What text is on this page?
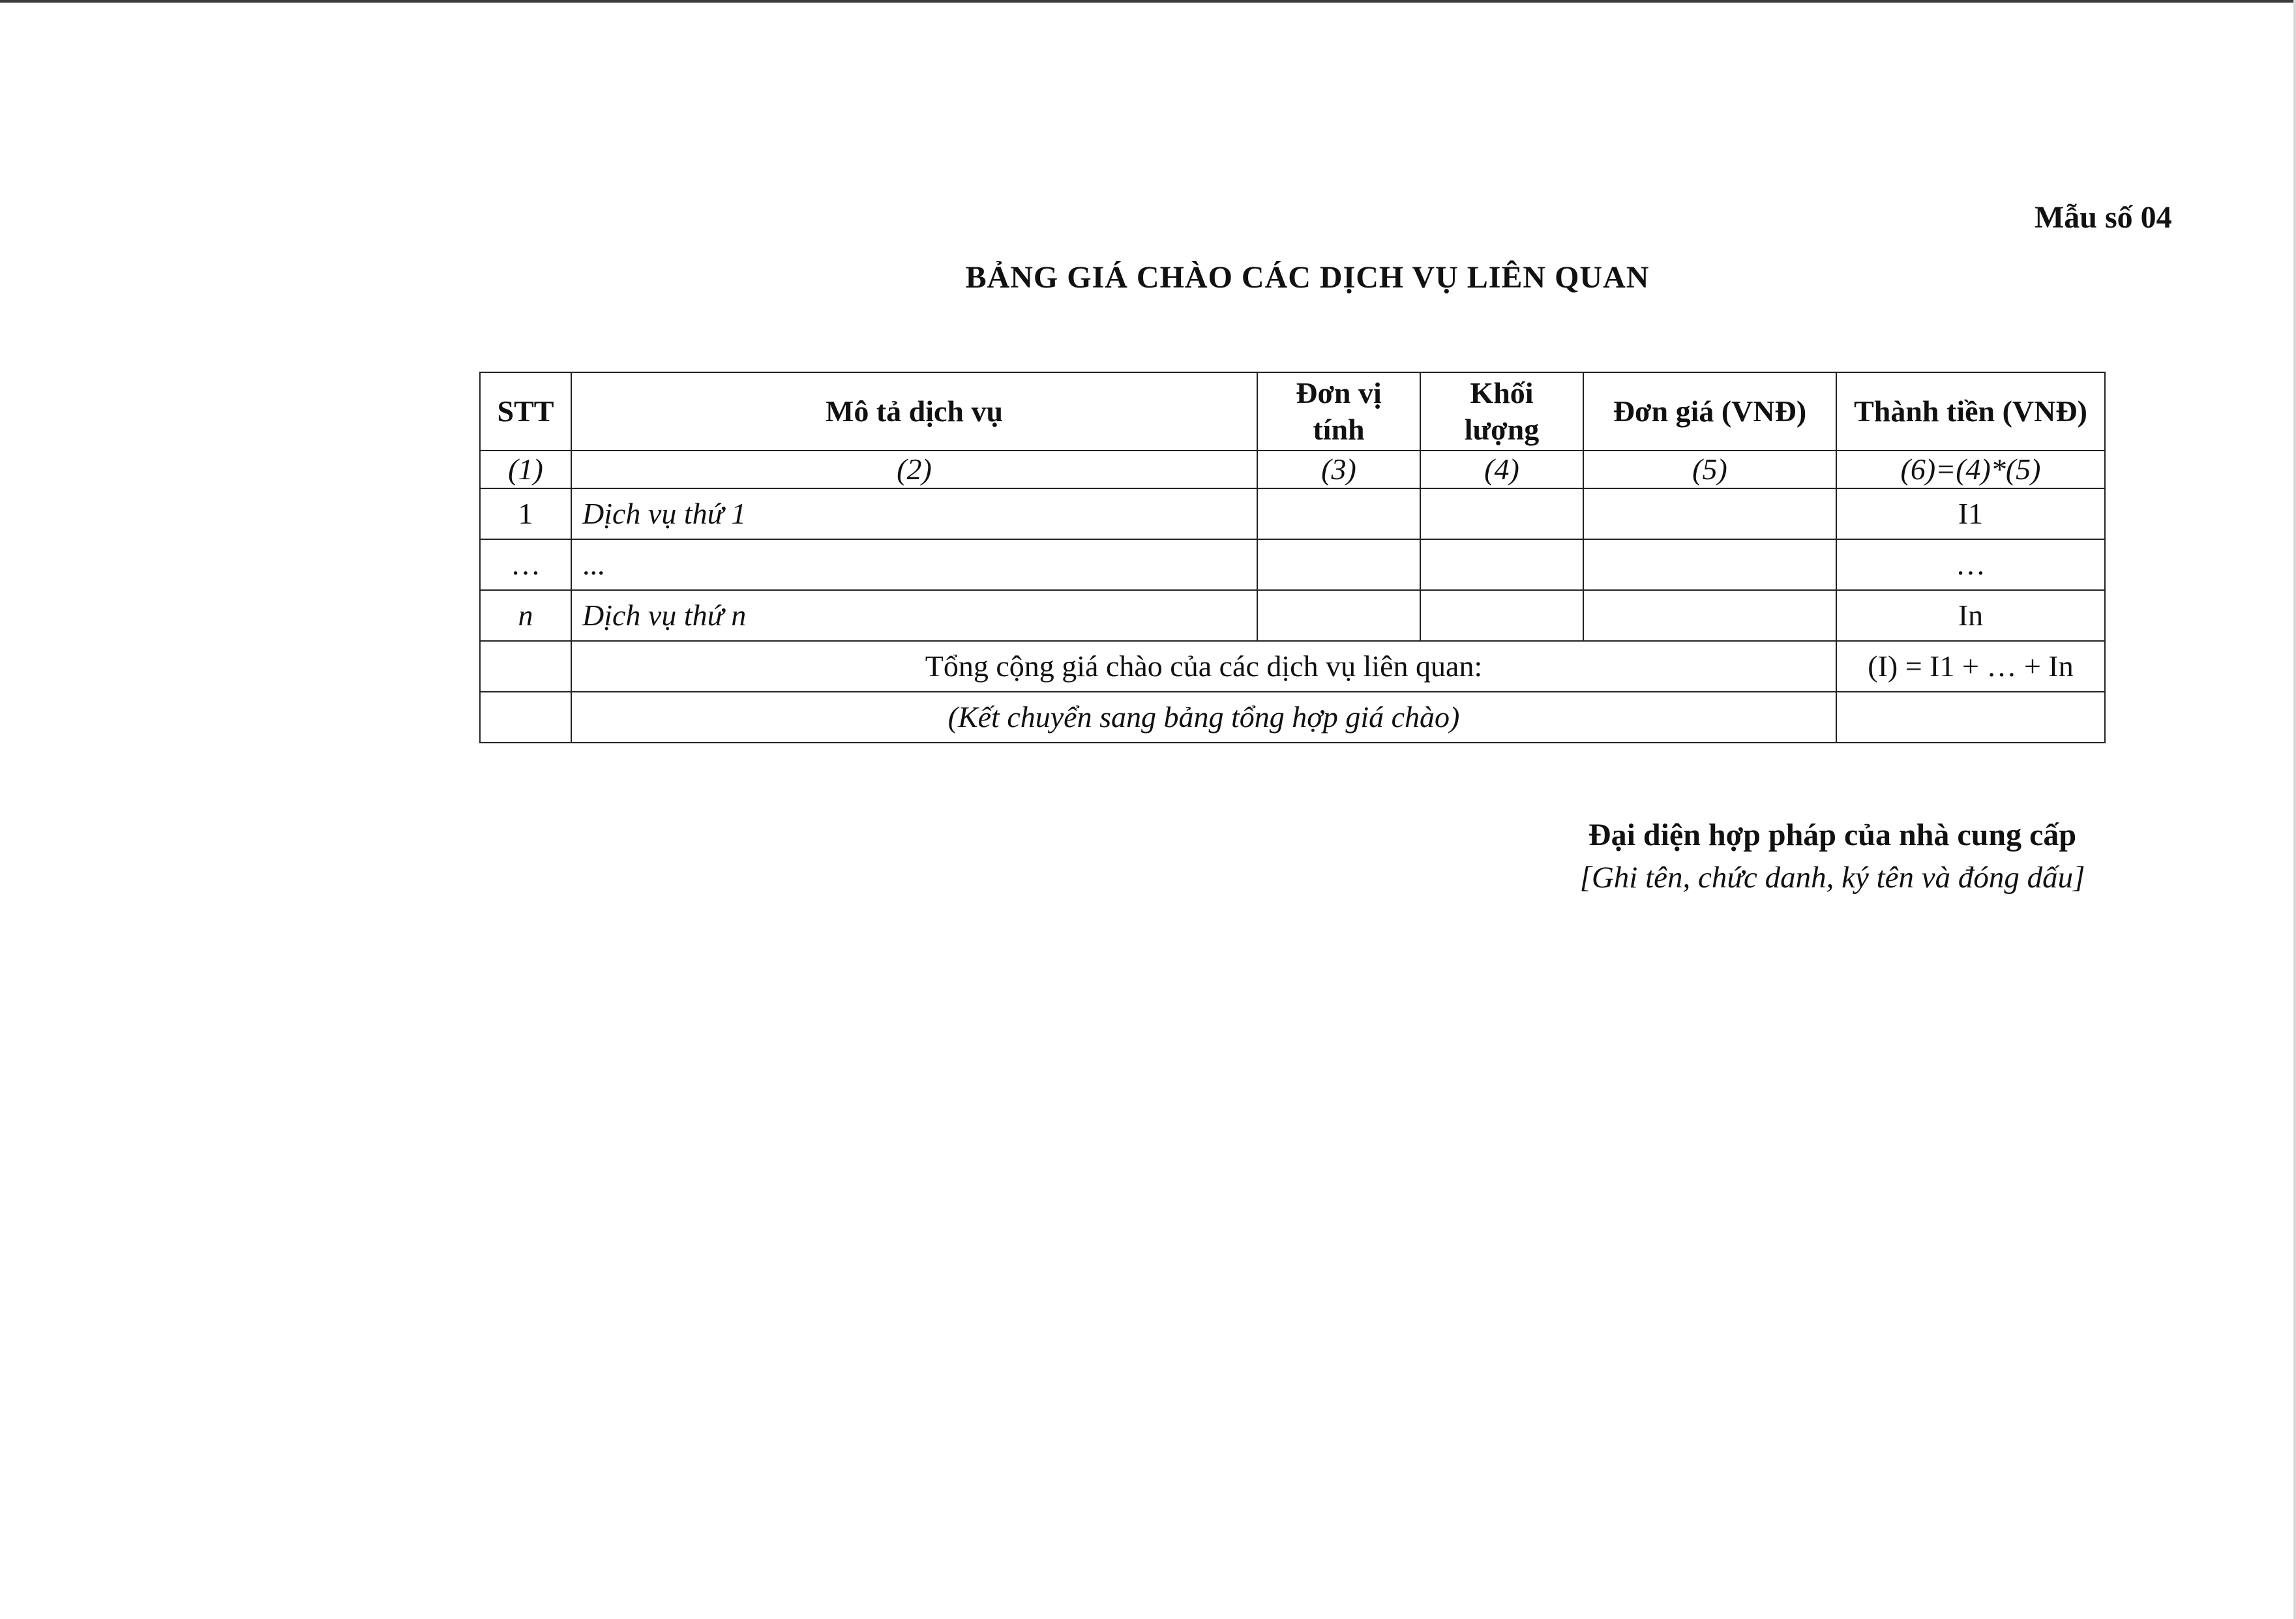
Mẫu số 04
BẢNG GIÁ CHÀO CÁC DỊCH VỤ LIÊN QUAN
STT	Mô tả dịch vụ	Đơn vị tính	Khối lượng	Đơn giá (VNĐ)	Thành tiền (VNĐ)
(1)	(2)	(3)	(4)	(5)	(6)=(4)*(5)
1	Dịch vụ thứ 1				I1
…	...				…
n	Dịch vụ thứ n				In
	Tổng cộng giá chào của các dịch vụ liên quan:				(I) = I1 + … + In
	(Kết chuyển sang bảng tổng hợp giá chào)				
Đại diện hợp pháp của nhà cung cấp
[Ghi tên, chức danh, ký tên và đóng dấu]
